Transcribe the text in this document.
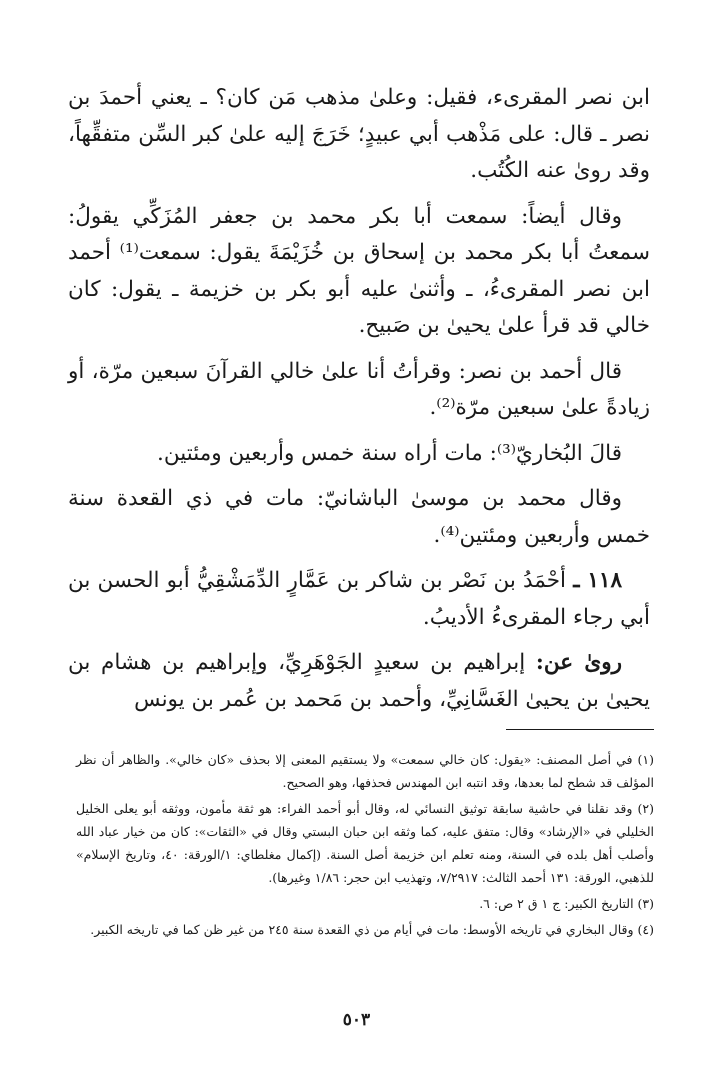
ابن نصر المقرىء، فقيل: وعلىٰ مذهب مَن كان؟ ـ يعني أحمدَ بن نصر ـ قال: على مَذْهب أبي عبيدٍ؛ خَرَجَ إليه علىٰ كبر السِّن متفقِّهاً، وقد روىٰ عنه الكُتُب.

وقال أيضاً: سمعت أبا بكر محمد بن جعفر المُزَكِّي يقولُ: سمعتُ أبا بكر محمد بن إسحاق بن خُزَيْمَةَ يقول: سمعت⁽¹⁾ أحمد ابن نصر المقرىءُ، ـ وأثنىٰ عليه أبو بكر بن خزيمة ـ يقول: كان خالي قد قرأ علىٰ يحيىٰ بن صَبيح.

قال أحمد بن نصر: وقرأتُ أنا علىٰ خالي القرآنَ سبعين مرّة، أو زيادةً علىٰ سبعين مرّة⁽²⁾.

قالَ البُخاريّ⁽³⁾: مات أراه سنة خمس وأربعين ومئتين.

وقال محمد بن موسىٰ الباشانيّ: مات في ذي القعدة سنة خمس وأربعين ومئتين⁽⁴⁾.

١١٨ ـ أحْمَدُ بن نَصْر بن شاكر بن عَمَّارٍ الدِّمَشْقِيُّ أبو الحسن بن أبي رجاء المقرىءُ الأديبُ.

روىٰ عن: إبراهيم بن سعيدٍ الجَوْهَرِيِّ، وإبراهيم بن هشام بن يحيىٰ بن يحيىٰ الغَسَّانِيِّ، وأحمد بن مَحمد بن عُمر بن يونس

(١) في أصل المصنف: «يقول: كان خالي سمعت» ولا يستقيم المعنى إلا بحذف «كان خالي». والظاهر أن نظر المؤلف قد شطح لما بعدها، وقد انتبه ابن المهندس فحذفها، وهو الصحيح.

(٢) وقد نقلنا في حاشية سابقة توثيق النسائي له، وقال أبو أحمد الفراء: هو ثقة مأمون، ووثقه أبو يعلى الخليل الخليلي في «الإرشاد» وقال: متفق عليه، كما وثقه ابن حبان البستي وقال في «الثقات»: كان من خيار عباد الله وأصلب أهل بلده في السنة، ومنه تعلم ابن خزيمة أصل السنة. (إكمال مغلطاي: ١/الورقة: ٤٠، وتاريخ الإسلام» للذهبي، الورقة: ١٣١ أحمد الثالث: ٧/٢٩١٧، وتهذيب ابن حجر: ١/٨٦ وغيرها).

(٣) التاريخ الكبير: ج ١ ق ٢ ص: ٦.

(٤) وقال البخاري في تاريخه الأوسط: مات في أيام من ذي القعدة سنة ٢٤٥ من غير ظن كما في تاريخه الكبير.

٥٠٣
